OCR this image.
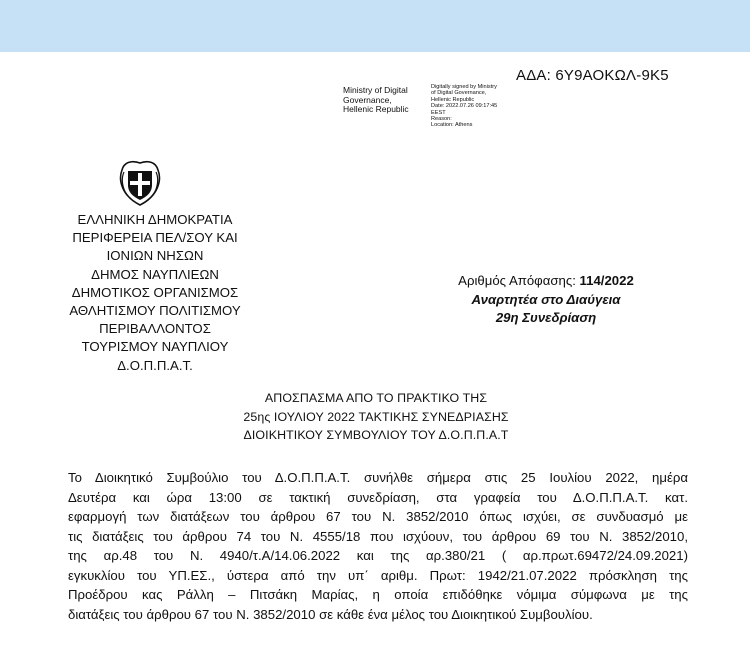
ΑΔΑ: 6Υ9ΑΟΚΩΛ-9Κ5
Ministry of Digital
Governance,
Hellenic Republic
Digitally signed by Ministry
of Digital Governance,
Hellenic Republic
Date: 2022.07.26 09:17:45
EEST
Reason:
Location: Athens
ΕΛΛΗΝΙΚΗ ΔΗΜΟΚΡΑΤΙΑ
ΠΕΡΙΦΕΡΕΙΑ ΠΕΛ/ΣΟΥ ΚΑΙ
ΙΟΝΙΩΝ ΝΗΣΩΝ
ΔΗΜΟΣ ΝΑΥΠΛΙΕΩΝ
ΔΗΜΟΤΙΚΟΣ ΟΡΓΑΝΙΣΜΟΣ
ΑΘΛΗΤΙΣΜΟΥ ΠΟΛΙΤΙΣΜΟΥ
ΠΕΡΙΒΑΛΛΟΝΤΟΣ
ΤΟΥΡΙΣΜΟΥ ΝΑΥΠΛΙΟΥ
Δ.Ο.Π.Π.Α.Τ.
Αριθμός Απόφασης: 114/2022
Αναρτητέα στο Διαύγεια
29η Συνεδρίαση
ΑΠΟΣΠΑΣΜΑ ΑΠΟ ΤΟ ΠΡΑΚΤΙΚΟ ΤΗΣ
25ης ΙΟΥΛΙΟΥ 2022 ΤΑΚΤΙΚΗΣ ΣΥΝΕΔΡΙΑΣΗΣ
ΔΙΟΙΚΗΤΙΚΟΥ ΣΥΜΒΟΥΛΙΟΥ ΤΟΥ Δ.Ο.Π.Π.Α.Τ
Το Διοικητικό Συμβούλιο του Δ.Ο.Π.Π.Α.Τ. συνήλθε σήμερα στις 25 Ιουλίου 2022, ημέρα
Δευτέρα και ώρα 13:00 σε τακτική συνεδρίαση, στα γραφεία του Δ.Ο.Π.Π.Α.Τ. κατ.
εφαρμογή των διατάξεων του άρθρου 67 του Ν. 3852/2010 όπως ισχύει, σε συνδυασμό με
τις διατάξεις του άρθρου 74 του Ν. 4555/18 που ισχύουν, του άρθρου 69 του Ν. 3852/2010,
της αρ.48 του Ν. 4940/τ.Α/14.06.2022 και της αρ.380/21 ( αρ.πρωτ.69472/24.09.2021)
εγκυκλίου του ΥΠ.ΕΣ., ύστερα από την υπ΄ αριθμ. Πρωτ: 1942/21.07.2022 πρόσκληση της
Προέδρου κας Ράλλη – Πιτσάκη Μαρίας, η οποία επιδόθηκε νόμιμα σύμφωνα με της
διατάξεις του άρθρου 67 του Ν. 3852/2010 σε κάθε ένα μέλος του Διοικητικού Συμβουλίου.
